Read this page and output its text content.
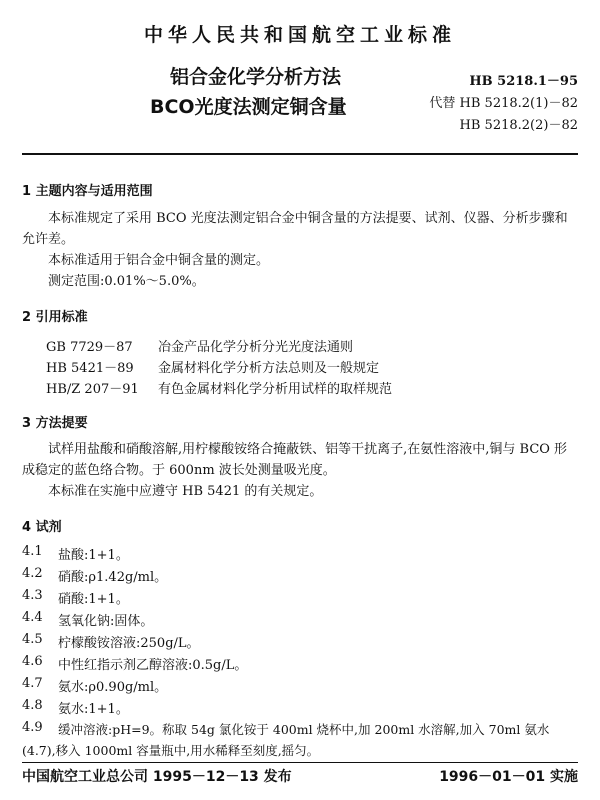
中华人民共和国航空工业标准
铝合金化学分析方法
BCO光度法测定铜含量
HB 5218.1－95
代替 HB 5218.2(1)－82
HB 5218.2(2)－82
1 主题内容与适用范围
本标准规定了采用 BCO 光度法测定铝合金中铜含量的方法提要、试剂、仪器、分析步骤和允许差。
本标准适用于铝合金中铜含量的测定。
测定范围:0.01%～5.0%。
2 引用标准
GB 7729－87 冶金产品化学分析分光光度法通则
HB 5421－89 金属材料化学分析方法总则及一般规定
HB/Z 207－91 有色金属材料化学分析用试样的取样规范
3 方法提要
试样用盐酸和硝酸溶解,用柠檬酸铵络合掩蔽铁、铝等干扰离子,在氨性溶液中,铜与 BCO 形成稳定的蓝色络合物。于 600nm 波长处测量吸光度。
本标准在实施中应遵守 HB 5421 的有关规定。
4 试剂
4.1 盐酸:1+1。
4.2 硝酸:ρ1.42g/ml。
4.3 硝酸:1+1。
4.4 氢氧化钠:固体。
4.5 柠檬酸铵溶液:250g/L。
4.6 中性红指示剂乙醇溶液:0.5g/L。
4.7 氨水:ρ0.90g/ml。
4.8 氨水:1+1。
4.9 缓冲溶液:pH=9。称取 54g 氯化铵于 400ml 烧杯中,加 200ml 水溶解,加入 70ml 氨水
(4.7),移入 1000ml 容量瓶中,用水稀释至刻度,摇匀。
中国航空工业总公司 1995－12－13 发布	1996－01－01 实施
